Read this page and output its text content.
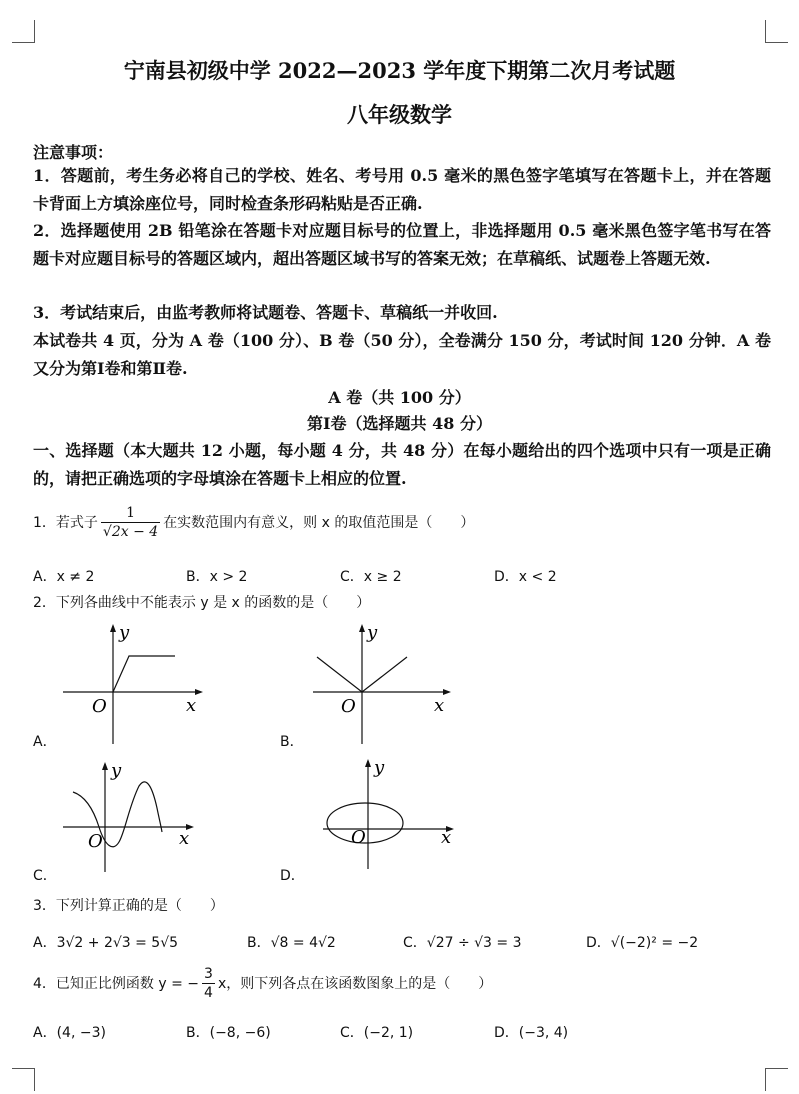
宁南县初级中学 2022—2023 学年度下期第二次月考试题
八年级数学
注意事项：
1．答题前，考生务必将自己的学校、姓名、考号用 0.5 毫米的黑色签字笔填写在答题卡上，并在答题卡背面上方填涂座位号，同时检查条形码粘贴是否正确.
2．选择题使用 2B 铅笔涂在答题卡对应题目标号的位置上，非选择题用 0.5 毫米黑色签字笔书写在答题卡对应题目标号的答题区域内，超出答题区域书写的答案无效；在草稿纸、试题卷上答题无效.
3．考试结束后，由监考教师将试题卷、答题卡、草稿纸一并收回.
本试卷共 4 页，分为 A 卷（100 分）、B 卷（50 分），全卷满分 150 分，考试时间 120 分钟．A 卷又分为第Ⅰ卷和第Ⅱ卷.
A 卷（共 100 分）
第Ⅰ卷（选择题共 48 分）
一、选择题（本大题共 12 小题，每小题 4 分，共 48 分）在每小题给出的四个选项中只有一项是正确的，请把正确选项的字母填涂在答题卡上相应的位置.
1．若式子 $\frac{1}{√2x - 4}$ 在实数范围内有意义，则 x 的取值范围是（　　）
A．x ≠ 2	B．x > 2	C．x ≥ 2	D．x < 2
2．下列各曲线中不能表示 y 是 x 的函数的是（　　）
y
x
O
A．
y
x
O
B．
y
x
O
C．
y
x
O
D．
3．下列计算正确的是（　　）
A．3√2 + 2√3 = 5√5	B．√8 = 4√2	C．√27 ÷ √3 = 3	D．√(−2)² = −2
4．已知正比例函数 y = − $\frac{3}{4}$ x，则下列各点在该函数图象上的是（　　）
A．(4, −3)	B．(−8, −6)	C．(−2, 1)	D．(−3, 4)
